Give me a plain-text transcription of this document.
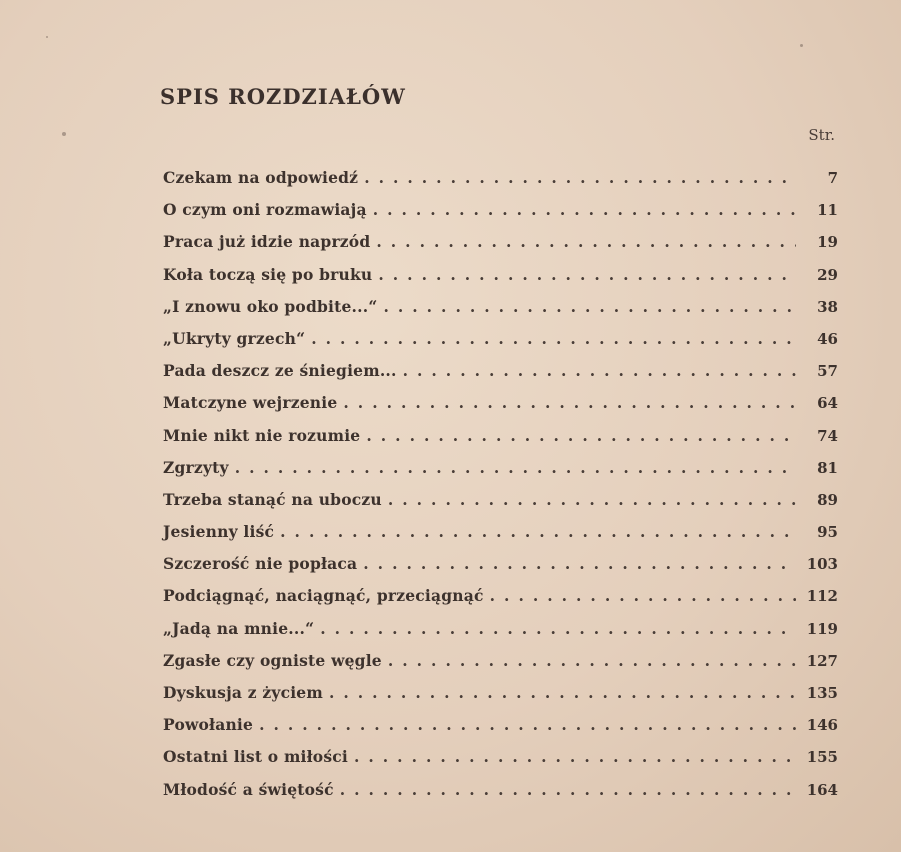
SPIS ROZDZIAŁÓW
Str.
Czekam na odpowiedź .....	7
O czym oni rozmawiają .....	11
Praca już idzie naprzód .....	19
Koła toczą się po bruku .....	29
„I znowu oko podbite...“ .....	38
„Ukryty grzech“ .....	46
Pada deszcz ze śniegiem... .....	57
Matczyne wejrzenie .....	64
Mnie nikt nie rozumie .....	74
Zgrzyty .....	81
Trzeba stanąć na uboczu .....	89
Jesienny liść .....	95
Szczerość nie popłaca .....	103
Podciągnąć, naciągnąć, przeciągnąć .....	112
„Jadą na mnie...“ .....	119
Zgasłe czy ogniste węgle .....	127
Dyskusja z życiem .....	135
Powołanie .....	146
Ostatni list o miłości .....	155
Młodość a świętość .....	164
